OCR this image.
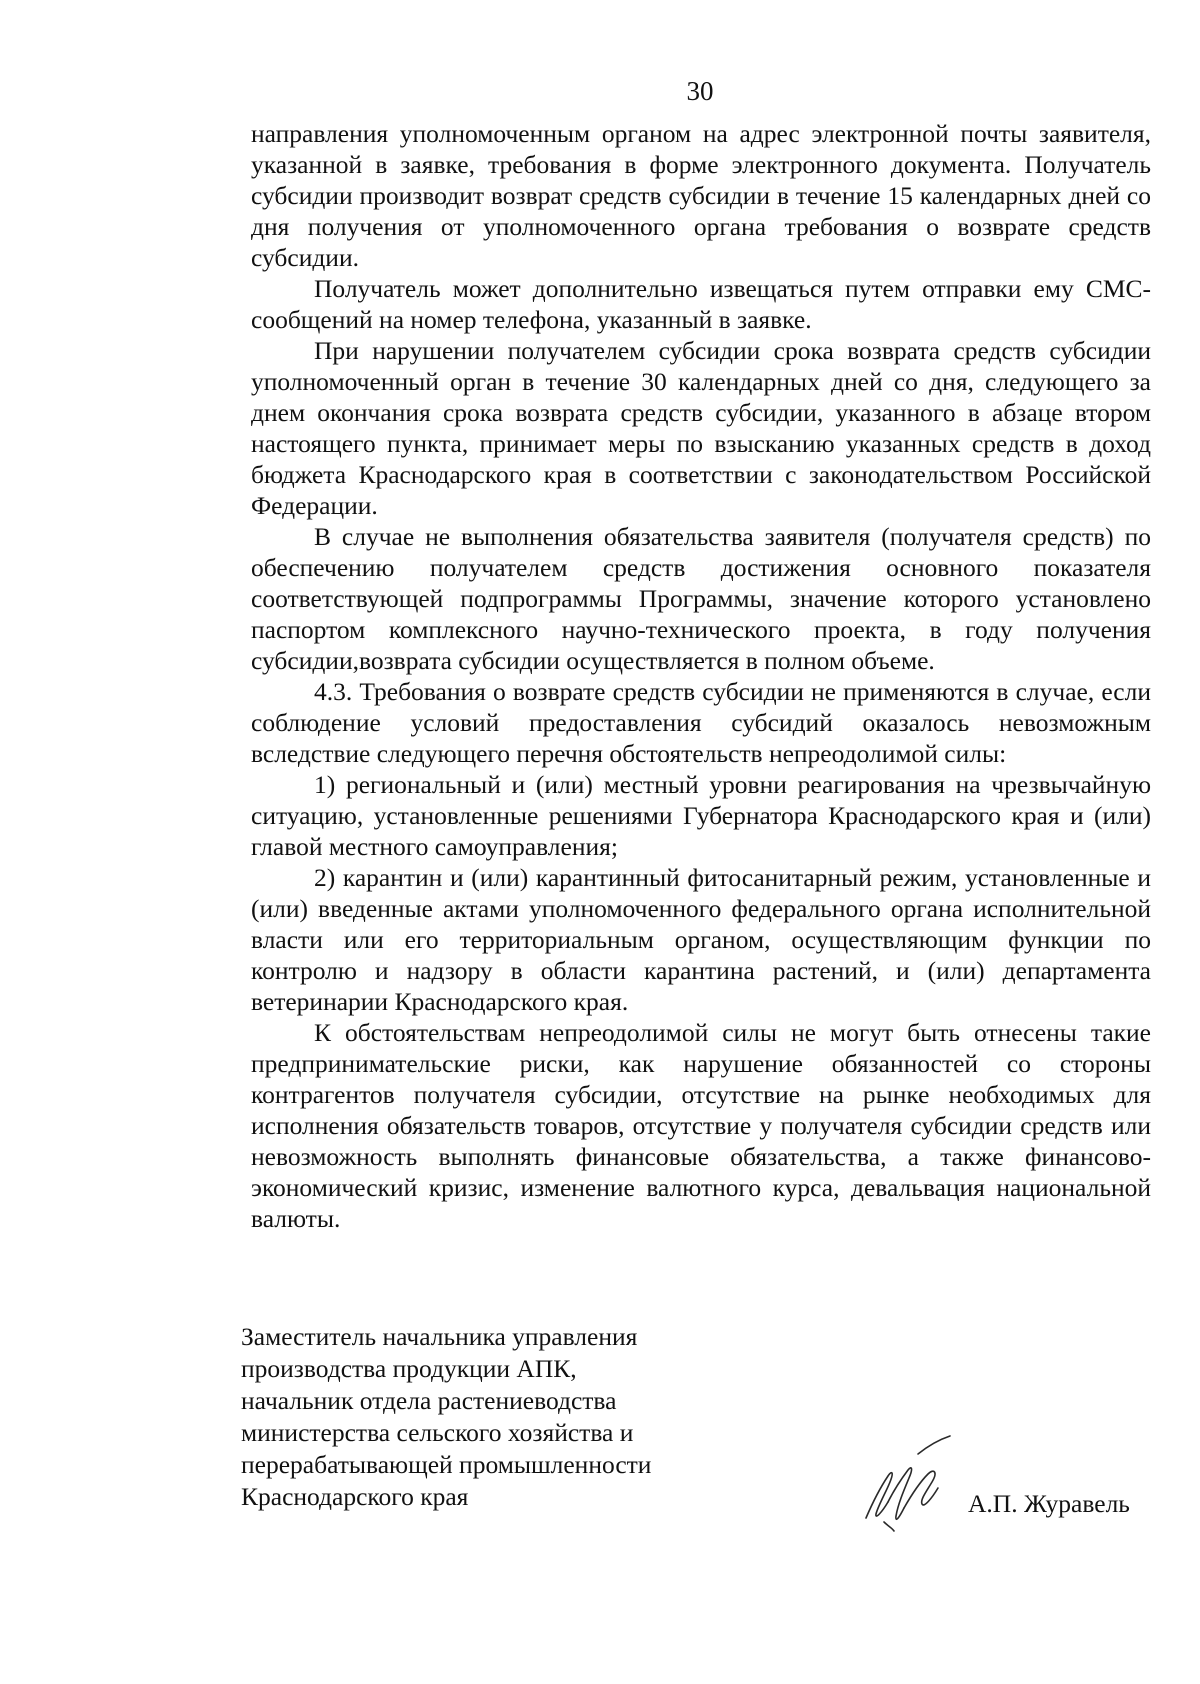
30

направления уполномоченным органом на адрес электронной почты заявителя, указанной в заявке, требования в форме электронного документа. Получатель субсидии производит возврат средств субсидии в течение 15 календарных дней со дня получения от уполномоченного органа требования о возврате средств субсидии.

Получатель может дополнительно извещаться путем отправки ему СМС-сообщений на номер телефона, указанный в заявке.

При нарушении получателем субсидии срока возврата средств субсидии уполномоченный орган в течение 30 календарных дней со дня, следующего за днем окончания срока возврата средств субсидии, указанного в абзаце втором настоящего пункта, принимает меры по взысканию указанных средств в доход бюджета Краснодарского края в соответствии с законодательством Российской Федерации.

В случае не выполнения обязательства заявителя (получателя средств) по обеспечению получателем средств достижения основного показателя соответствующей подпрограммы Программы, значение которого установлено паспортом комплексного научно-технического проекта, в году получения субсидии,возврата субсидии осуществляется в полном объеме.

4.3. Требования о возврате средств субсидии не применяются в случае, если соблюдение условий предоставления субсидий оказалось невозможным вследствие следующего перечня обстоятельств непреодолимой силы:

1) региональный и (или) местный уровни реагирования на чрезвычайную ситуацию, установленные решениями Губернатора Краснодарского края и (или) главой местного самоуправления;

2) карантин и (или) карантинный фитосанитарный режим, установленные и (или) введенные актами уполномоченного федерального органа исполнительной власти или его территориальным органом, осуществляющим функции по контролю и надзору в области карантина растений, и (или) департамента ветеринарии Краснодарского края.

К обстоятельствам непреодолимой силы не могут быть отнесены такие предпринимательские риски, как нарушение обязанностей со стороны контрагентов получателя субсидии, отсутствие на рынке необходимых для исполнения обязательств товаров, отсутствие у получателя субсидии средств или невозможность выполнять финансовые обязательства, а также финансово-экономический кризис, изменение валютного курса, девальвация национальной валюты.

Заместитель начальника управления
производства продукции АПК,
начальник отдела растениеводства
министерства сельского хозяйства и
перерабатывающей промышленности
Краснодарского края	А.П. Журавель
